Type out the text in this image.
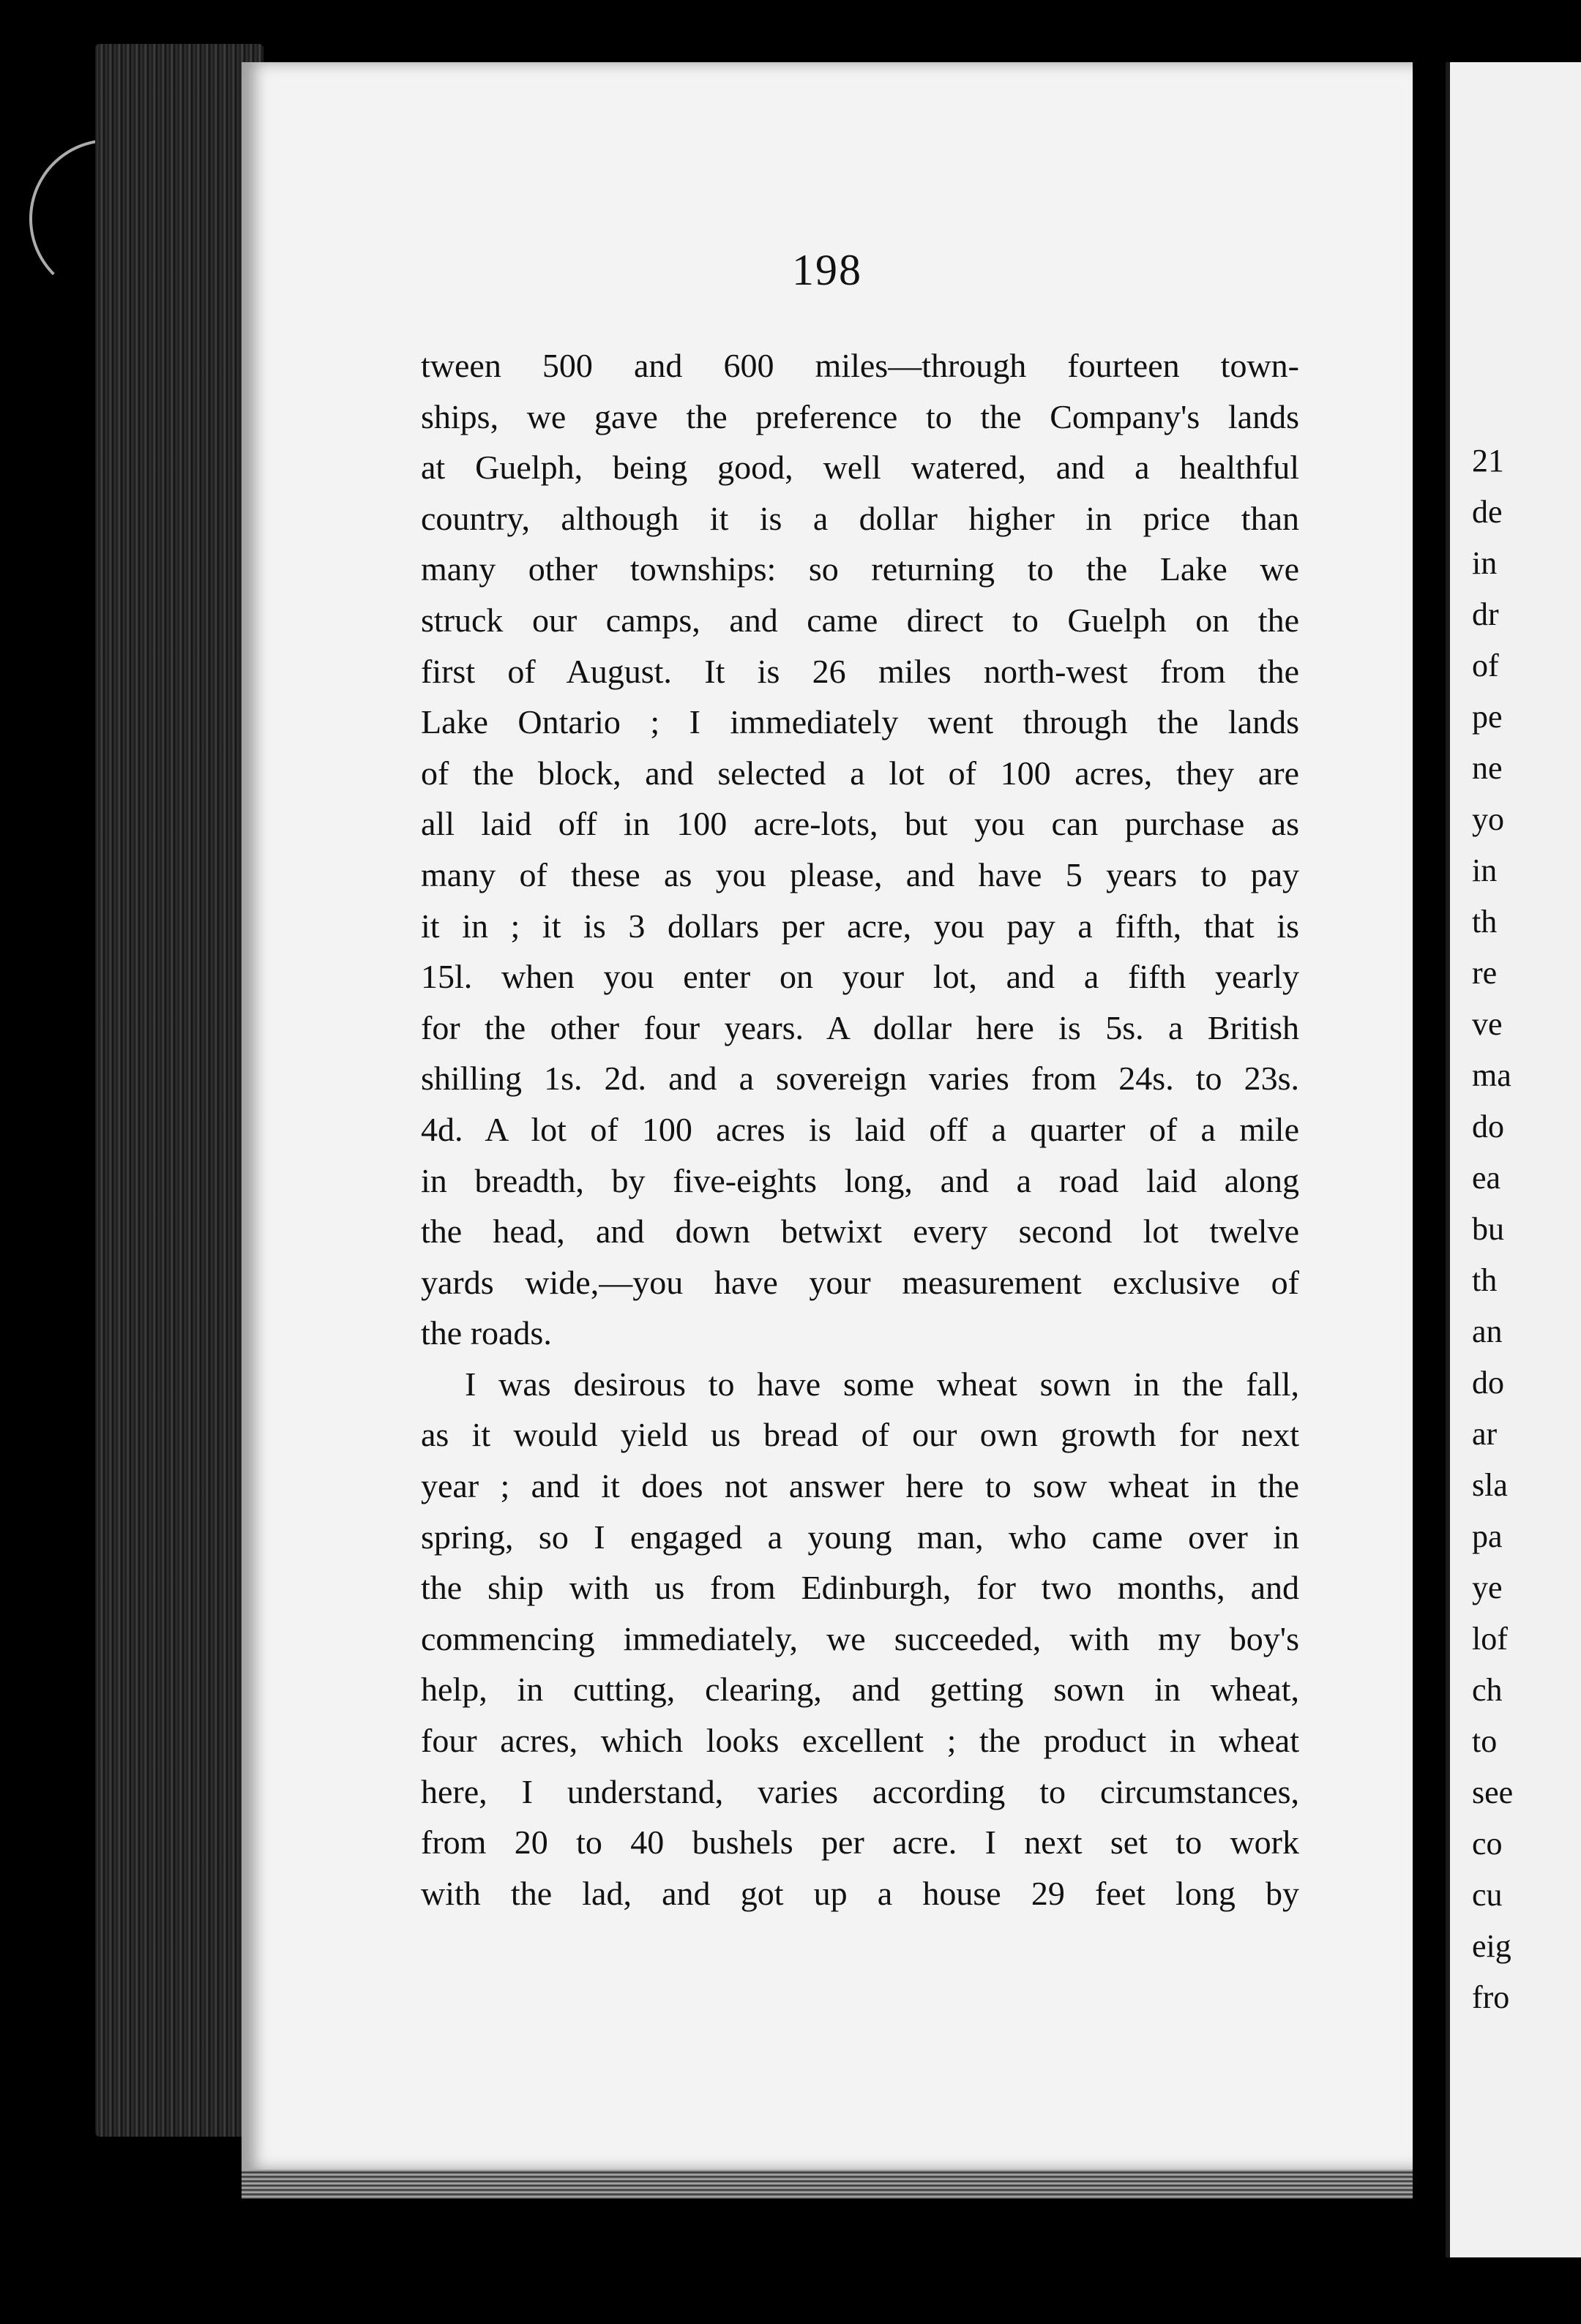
198
tween 500 and 600 miles—through fourteen town-
ships, we gave the preference to the Company's lands
at Guelph, being good, well watered, and a healthful
country, although it is a dollar higher in price than
many other townships: so returning to the Lake we
struck our camps, and came direct to Guelph on the
first of August. It is 26 miles north-west from the
Lake Ontario ; I immediately went through the lands
of the block, and selected a lot of 100 acres, they are
all laid off in 100 acre-lots, but you can purchase as
many of these as you please, and have 5 years to pay
it in ; it is 3 dollars per acre, you pay a fifth, that is
15l. when you enter on your lot, and a fifth yearly
for the other four years. A dollar here is 5s. a British
shilling 1s. 2d. and a sovereign varies from 24s. to 23s.
4d. A lot of 100 acres is laid off a quarter of a mile
in breadth, by five-eights long, and a road laid along
the head, and down betwixt every second lot twelve
yards wide,—you have your measurement exclusive of
the roads.
I was desirous to have some wheat sown in the fall,
as it would yield us bread of our own growth for next
year ; and it does not answer here to sow wheat in the
spring, so I engaged a young man, who came over in
the ship with us from Edinburgh, for two months, and
commencing immediately, we succeeded, with my boy's
help, in cutting, clearing, and getting sown in wheat,
four acres, which looks excellent ; the product in wheat
here, I understand, varies according to circumstances,
from 20 to 40 bushels per acre. I next set to work
with the lad, and got up a house 29 feet long by
21
de
in
dr
of
pe
ne
yo
in
th
re
ve
ma
do
ea
bu
th
an
do
ar
sla
pa
ye
lof
ch
to
see
co
cu
eig
fro
